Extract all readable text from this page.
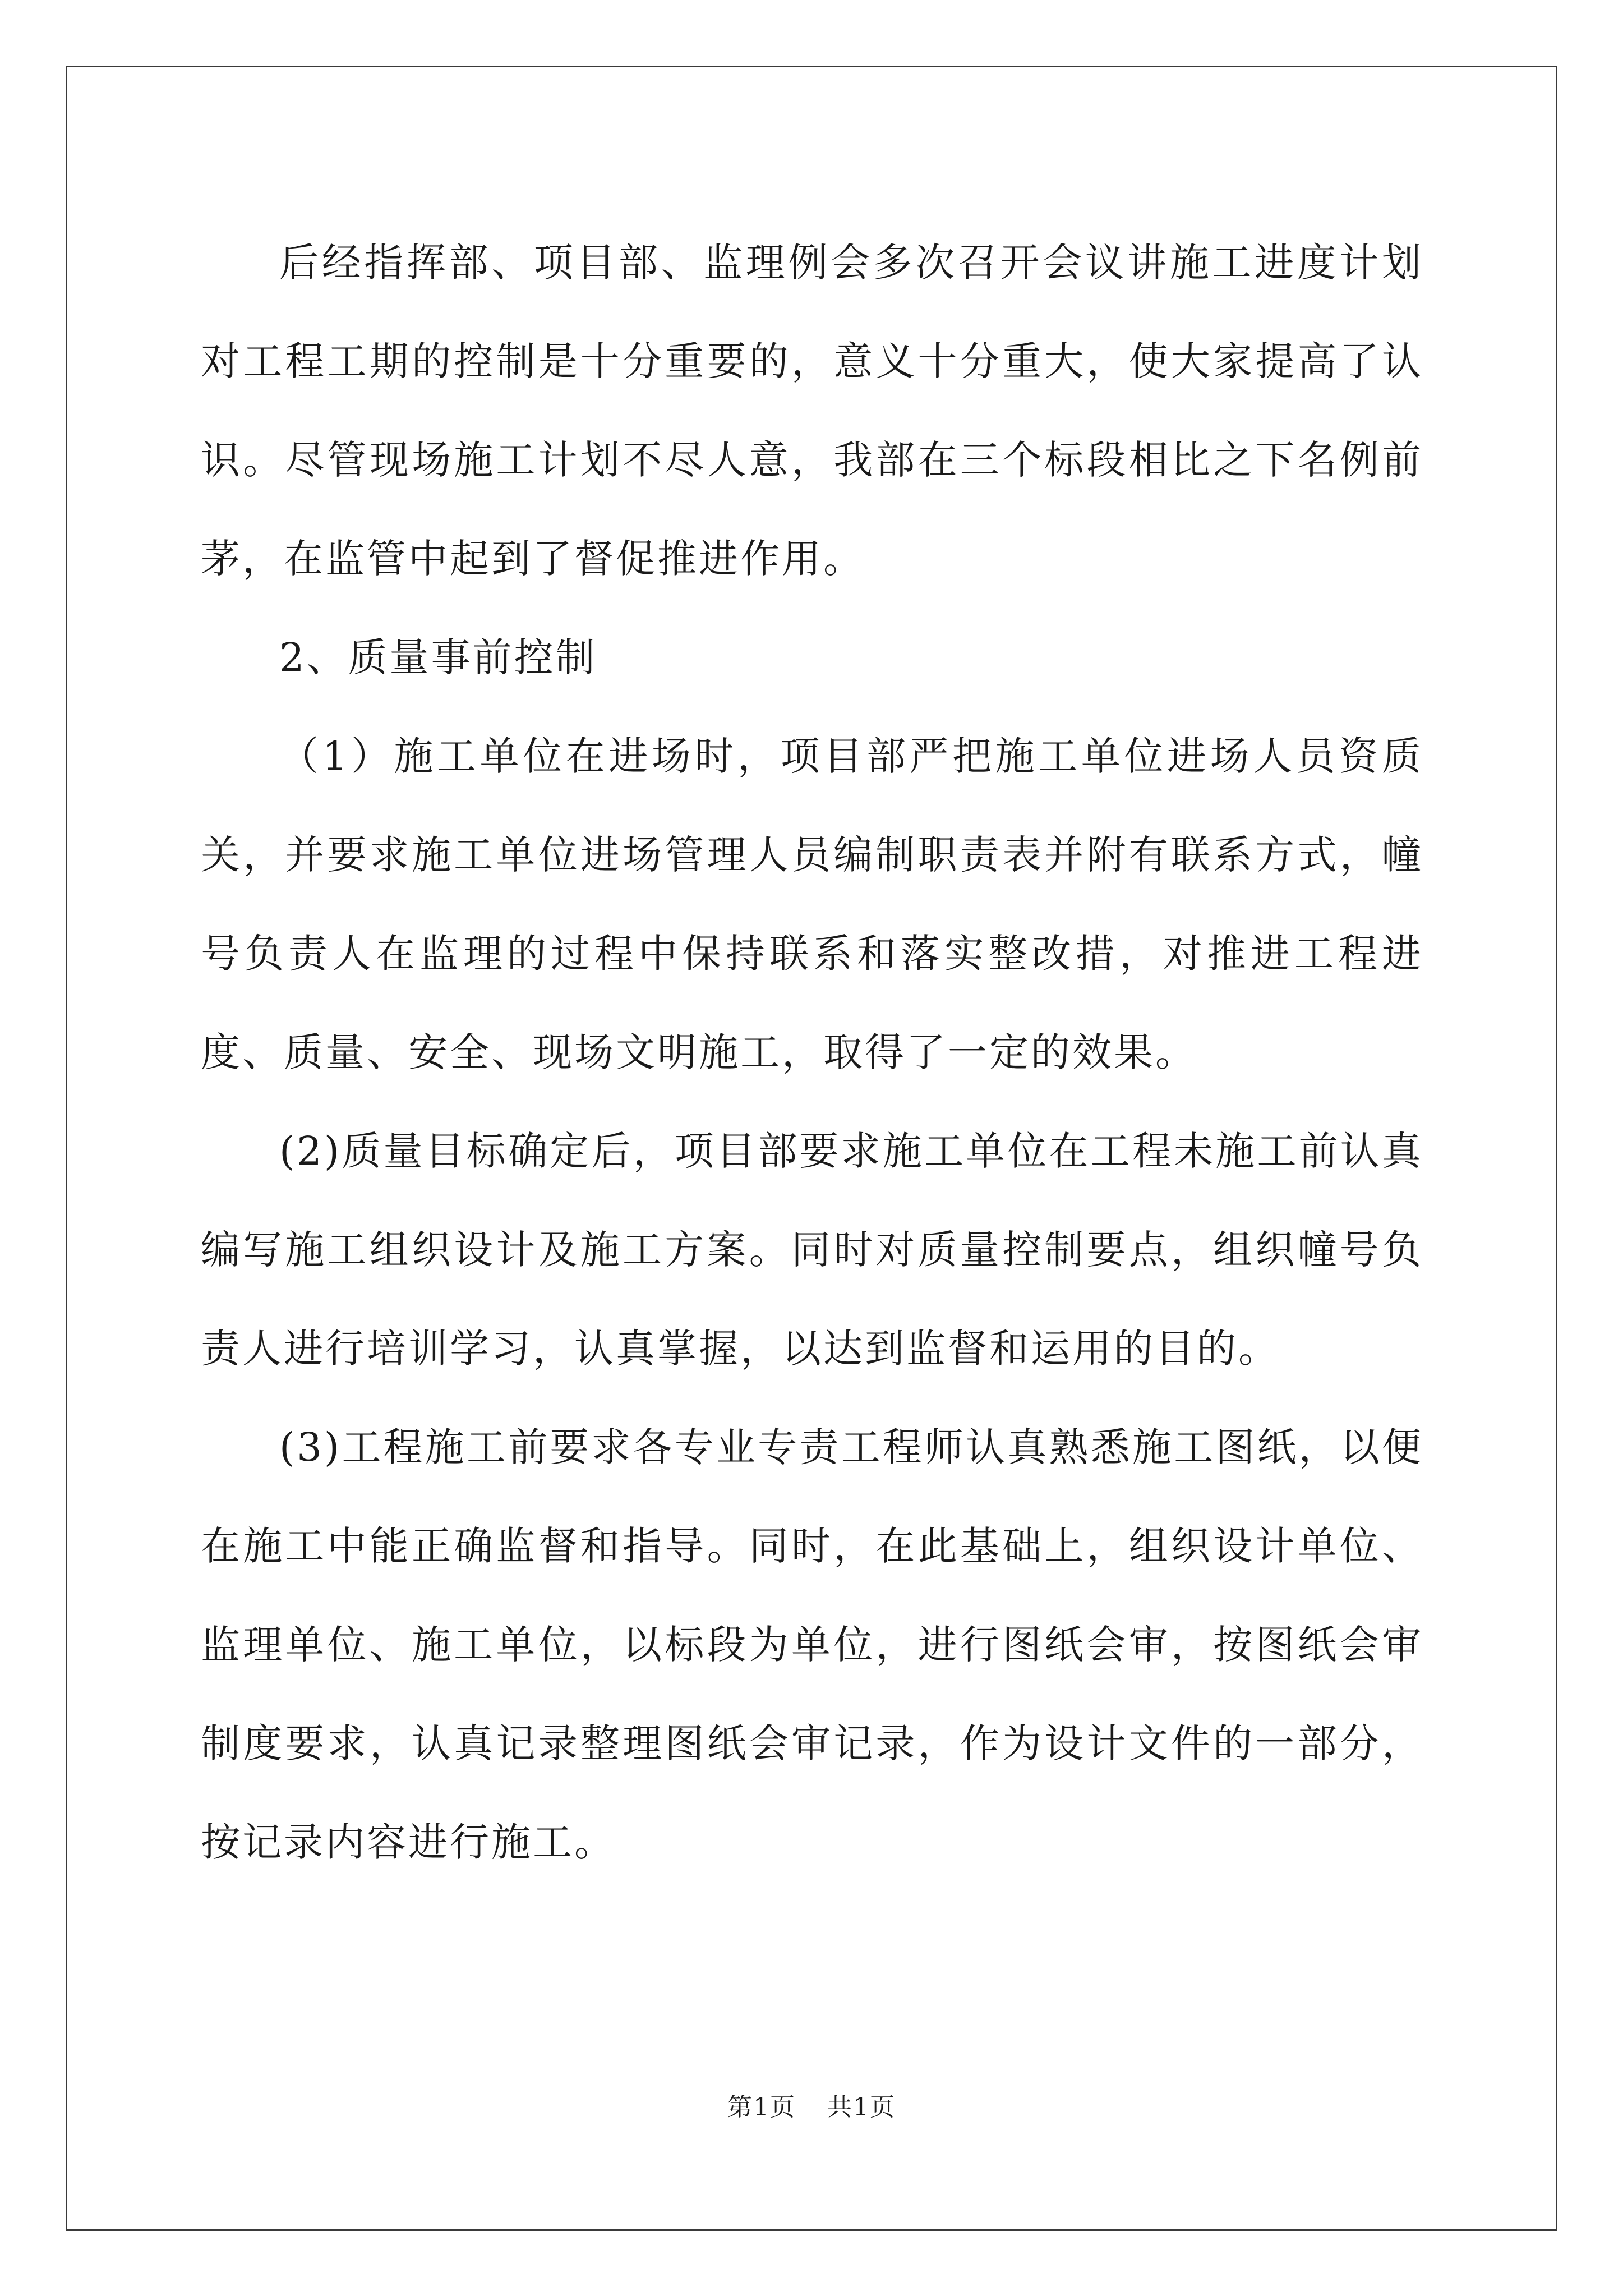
后经指挥部、项目部、监理例会多次召开会议讲施工进度计划对工程工期的控制是十分重要的，意义十分重大，使大家提高了认识。尽管现场施工计划不尽人意，我部在三个标段相比之下名例前茅，在监管中起到了督促推进作用。

2、质量事前控制

（1）施工单位在进场时，项目部严把施工单位进场人员资质关，并要求施工单位进场管理人员编制职责表并附有联系方式，幢号负责人在监理的过程中保持联系和落实整改措，对推进工程进度、质量、安全、现场文明施工，取得了一定的效果。

(2)质量目标确定后，项目部要求施工单位在工程未施工前认真编写施工组织设计及施工方案。同时对质量控制要点，组织幢号负责人进行培训学习，认真掌握，以达到监督和运用的目的。

(3)工程施工前要求各专业专责工程师认真熟悉施工图纸，以便在施工中能正确监督和指导。同时，在此基础上，组织设计单位、监理单位、施工单位，以标段为单位，进行图纸会审，按图纸会审制度要求，认真记录整理图纸会审记录，作为设计文件的一部分，按记录内容进行施工。

第1页 共1页
